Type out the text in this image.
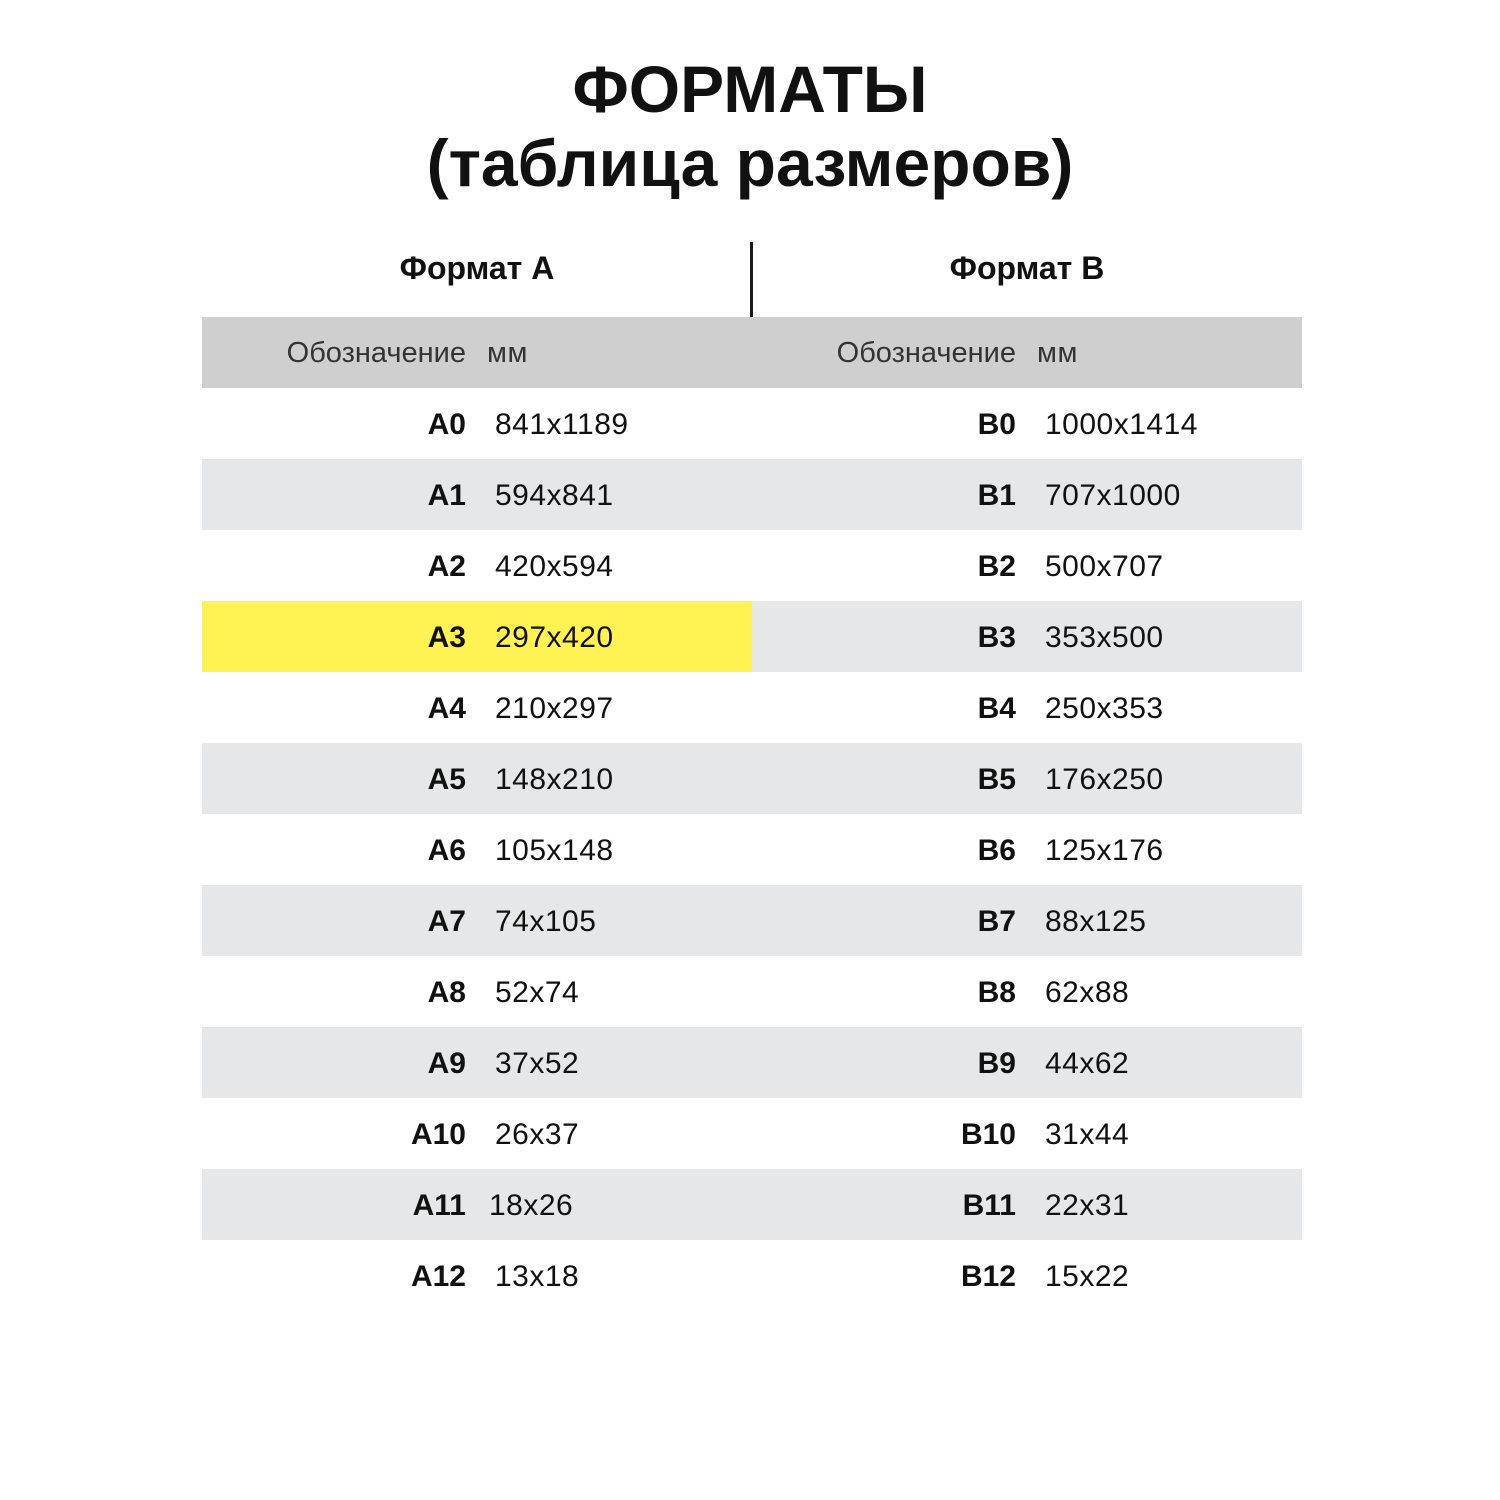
ФОРМАТЫ
(таблица размеров)
Формат А	Формат В
Обозначение мм
А0 841x1189
А1 594x841
А2 420x594
А3 297x420
А4 210x297
А5 148x210
А6 105x148
А7 74x105
А8 52x74
А9 37x52
А10 26x37
А11 18x26
А12 13x18
Обозначение мм
В0 1000x1414
В1 707x1000
В2 500x707
В3 353x500
В4 250x353
В5 176x250
В6 125x176
В7 88x125
В8 62x88
В9 44x62
В10 31x44
В11 22x31
В12 15x22
